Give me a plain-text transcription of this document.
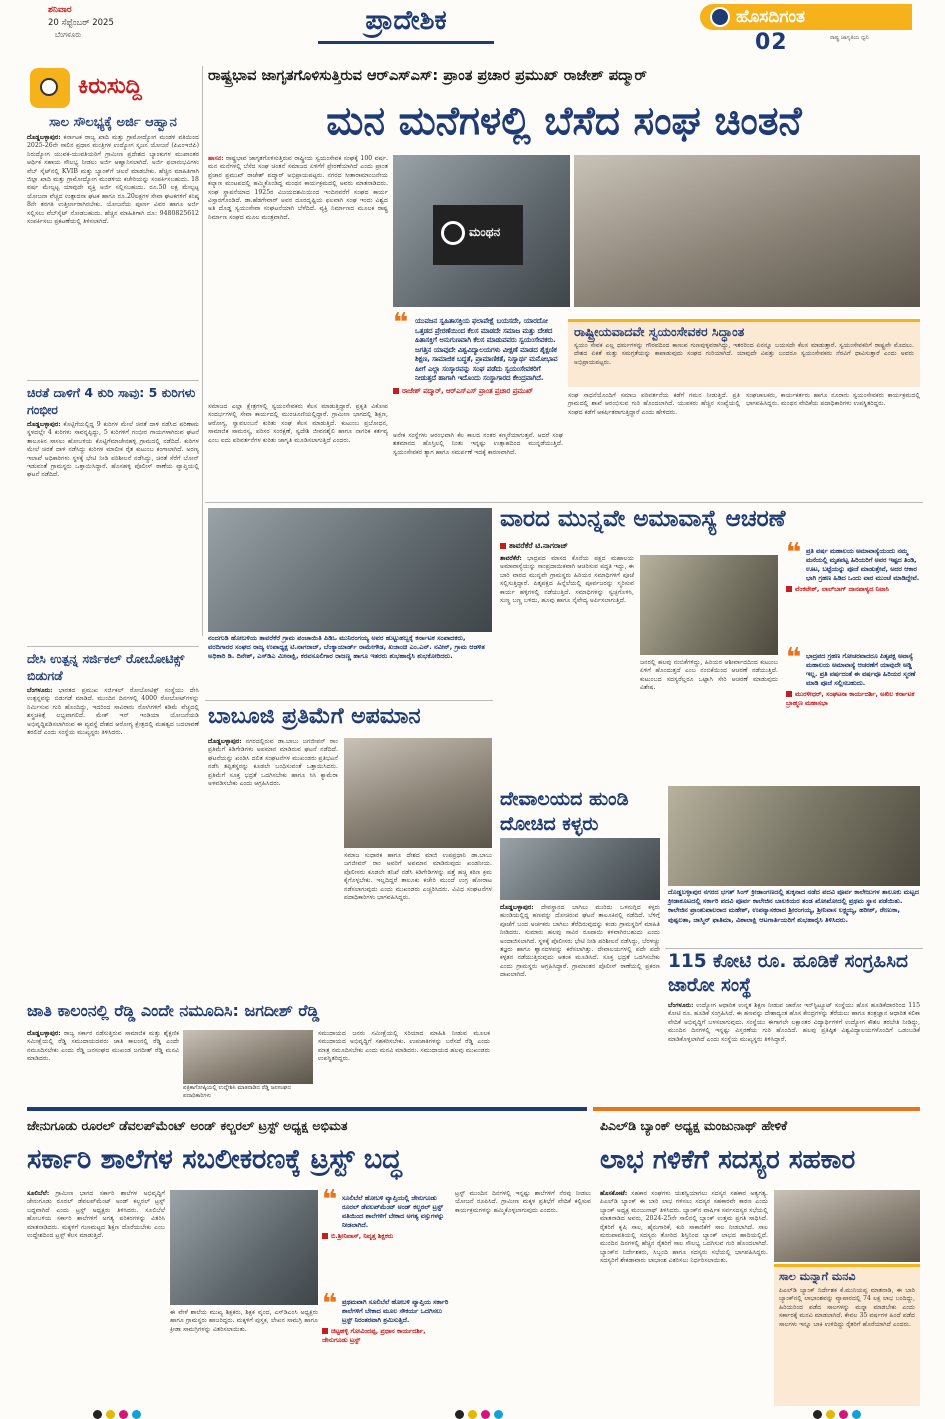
ಶನಿವಾರ
20 ಸೆಪ್ಟೆಂಬರ್ 2025
ಬೆಂಗಳೂರು	ಪ್ರಾದೇಶಿಕ	ಹೊಸದಿಗಂತ
ರಾಷ್ಟ್ರ ಜಾಗೃತಿಯ ಧ್ವನಿ
02
ಕಿರುಸುದ್ದಿ
ಸಾಲ ಸೌಲಭ್ಯಕ್ಕೆ ಅರ್ಜಿ ಆಹ್ವಾನ
ದೊಡ್ಡಬಳ್ಳಾಪುರ: ಕರ್ನಾಟಕ ರಾಜ್ಯ ಖಾದಿ ಮತ್ತು ಗ್ರಾಮೋದ್ಯೋಗ ಮಂಡಳಿ ವತಿಯಿಂದ 2025-26ನೇ ಸಾಲಿನ ಪ್ರಧಾನ ಮಂತ್ರಿಗಳ ಉದ್ಯೋಗ ಸೃಜನ ಯೋಜನೆ (ಪಿಎಂಇಜಿಪಿ) ನಿರುದ್ಯೋಗ ಯುವಕ-ಯುವತಿಯರಿಗೆ ಗ್ರಾಮೀಣ ಪ್ರದೇಶದ ಬ್ಯಾಂಕುಗಳ ಮುಖಾಂತರ ಆರ್ಥಿಕ ಸಹಾಯ ಸೌಲಭ್ಯ ನೀಡಲು ಅರ್ಜಿ ಆಹ್ವಾನಿಸಲಾಗಿದೆ. ಅರ್ಜಿ ಫಲಾನುಭವಿಗಳು ವೆಬ್ ಸೈಟ್‌ನಲ್ಲಿ KVIB ಮತ್ತು ಬ್ಯಾಂಕ್‌ಗೆ ಚಲನೆ ಮಾಡಬೇಕು. ಹೆಚ್ಚಿನ ಮಾಹಿತಿಗಾಗಿ ಜಿಲ್ಲಾ ಖಾದಿ ಮತ್ತು ಗ್ರಾಮೋದ್ಯೋಗ ಮಂಡಳಿಯ ಕಚೇರಿಯನ್ನು ಸಂಪರ್ಕಿಸಬಹುದು. 18 ವರ್ಷ ಮೇಲ್ಪಟ್ಟ ಯಾವುದೇ ವ್ಯಕ್ತಿ ಅರ್ಜಿ ಸಲ್ಲಿಸಬಹುದು. ರೂ.50 ಲಕ್ಷ ಮೇಲ್ಪಟ್ಟ ಯೋಜನಾ ವೆಚ್ಚದ ಉತ್ಪಾದನಾ ಘಟಕ ಹಾಗೂ ರೂ.20ಲಕ್ಷಗಳ ಸೇವಾ ಘಟಕಗಳಿಗೆ ಕನಿಷ್ಠ 8ನೇ ತರಗತಿ ಉತ್ತೀರ್ಣರಾಗಿರಬೇಕು. ಯೋಜನೆಯ ಪೂರ್ಣ ವಿವರ ಹಾಗೂ ಅರ್ಜಿ ಸಲ್ಲಿಸಲು ವೆಬ್‌ಸೈಟ್ ನೋಡಬಹುದು. ಹೆಚ್ಚಿನ ಮಾಹಿತಿಗಾಗಿ ದೂ: 9480825612 ಸಂಪರ್ಕಿಸಲು ಪ್ರಕಟಣೆಯಲ್ಲಿ ತಿಳಿಸಲಾಗಿದೆ.
ಚಿರತೆ ದಾಳಿಗೆ 4 ಕುರಿ ಸಾವು: 5 ಕುರಿಗಳು ಗಂಭೀರ
ದೊಡ್ಡಬಳ್ಳಾಪುರ: ಕೊಟ್ಟಿಗೆಯಲ್ಲಿದ್ದ 9 ಕುರಿಗಳ ಮೇಲೆ ಚಿರತೆ ದಾಳಿ ನಡೆಸಿದ ಪರಿಣಾಮ ಸ್ಥಳದಲ್ಲೇ 4 ಕುರಿಗಳು ಸಾವನ್ನಪ್ಪಿದ್ದು, 5 ಕುರಿಗಳಿಗೆ ಗಂಭೀರ ಗಾಯಗಳಾಗಿರುವ ಘಟನೆ ತಾಲೂಕಿನ ಸಾಸಲು ಹೋಬಳಿಯ ಕೊಟ್ಟಿಗೆಮಾಚೇನಹಳ್ಳಿ ಗ್ರಾಮದಲ್ಲಿ ನಡೆದಿದೆ. ಕುರಿಗಳ ಮೇಲೆ ಚಿರತೆ ದಾಳಿ ನಡೆಸಿದ್ದು ಕುರಿಗಳ ಮಾಲೀಕ ರೈತ ಕುಟುಂಬ ಕಂಗಾಲಾಗಿದೆ. ಅರಣ್ಯ ಇಲಾಖೆ ಅಧಿಕಾರಿಗಳು ಸ್ಥಳಕ್ಕೆ ಭೇಟಿ ನೀಡಿ ಪರಿಶೀಲನೆ ನಡೆಸಿದ್ದು, ಚಿರತೆ ಸೆರೆಗೆ ಬೋನ್ ಇಡುವಂತೆ ಗ್ರಾಮಸ್ಥರು ಒತ್ತಾಯಿಸಿದ್ದಾರೆ. ಹೊಸಹಳ್ಳಿ ಪೊಲೀಸ್ ಠಾಣೆಯ ವ್ಯಾಪ್ತಿಯಲ್ಲಿ ಘಟನೆ ನಡೆದಿದೆ.
ದೇಸಿ ಉತ್ಪನ್ನ ಸರ್ಜಿಕಲ್ ರೋಬೋಟಿಕ್ಸ್ ಬಿಡುಗಡೆ
ಬೆಂಗಳೂರು: ಭಾರತದ ಪ್ರಮುಖ ಸರ್ಜಿಕಲ್ ರೋಬೋಟಿಕ್ಸ್ ಸಂಸ್ಥೆಯು ದೇಸಿ ಉತ್ಪನ್ನವನ್ನು ಬಿಡುಗಡೆ ಮಾಡಿದೆ. ಮುಂದಿನ ದಿನಗಳಲ್ಲಿ 4000 ರೋಬೋಟ್‌ಗಳನ್ನು ನಿರ್ಮಿಸುವ ಗುರಿ ಹೊಂದಿದ್ದು, ಇದರಿಂದ ಸಾವಿರಾರು ರೋಗಿಗಳಿಗೆ ಕಡಿಮೆ ವೆಚ್ಚದಲ್ಲಿ ಶಸ್ತ್ರಚಿಕಿತ್ಸೆ ಲಭ್ಯವಾಗಲಿದೆ. ಮೇಕ್ ಇನ್ ಇಂಡಿಯಾ ಯೋಜನೆಯಡಿ ಅಭಿವೃದ್ಧಿಪಡಿಸಲಾಗಿರುವ ಈ ವ್ಯವಸ್ಥೆ ದೇಶದ ಆರೋಗ್ಯ ಕ್ಷೇತ್ರದಲ್ಲಿ ಮಹತ್ವದ ಬದಲಾವಣೆ ತರಲಿದೆ ಎಂದು ಸಂಸ್ಥೆಯ ಮುಖ್ಯಸ್ಥರು ತಿಳಿಸಿದರು.
ರಾಷ್ಟ್ರಭಾವ ಜಾಗೃತಗೊಳಿಸುತ್ತಿರುವ ಆರ್‌ಎಸ್‌ಎಸ್: ಪ್ರಾಂತ ಪ್ರಚಾರ ಪ್ರಮುಖ್ ರಾಜೇಶ್ ಪದ್ಮಾರ್
ಮನ ಮನೆಗಳಲ್ಲಿ ಬೆಸೆದ ಸಂಘ ಚಿಂತನೆ
ಹಾಸನ: ರಾಷ್ಟ್ರಭಾವ ಜಾಗೃತಗೊಳಿಸುತ್ತಿರುವ ರಾಷ್ಟ್ರೀಯ ಸ್ವಯಂಸೇವಕ ಸಂಘಕ್ಕೆ 100 ವರ್ಷ. ಮನ ಮನೆಗಳಲ್ಲಿ ಬೆಸೆದ ಸಂಘ ಚಿಂತನೆ ಸಮಾಜದ ಏಳಿಗೆಗೆ ಪ್ರೇರಣೆಯಾಗಿದೆ ಎಂದು ಪ್ರಾಂತ ಪ್ರಚಾರ ಪ್ರಮುಖ್ ರಾಜೇಶ್ ಪದ್ಮಾರ್ ಅಭಿಪ್ರಾಯಪಟ್ಟರು. ನಗರದ ಸೀತಾರಾಮಾಂಜನೇಯ ಕಲ್ಯಾಣ ಮಂಟಪದಲ್ಲಿ ಹಮ್ಮಿಕೊಂಡಿದ್ದ ಮಂಥನ ಕಾರ್ಯಕ್ರಮದಲ್ಲಿ ಅವರು ಮಾತನಾಡಿದರು. ಸಂಘ ಸ್ಥಾಪನೆಯಾದ 1925ರ ವಿಜಯದಶಮಿಯಿಂದ ಇಂದಿನವರೆಗೆ ಸಂಘದ ಕಾರ್ಯ ವಿಸ್ತಾರಗೊಂಡಿದೆ. ಡಾ.ಹೆಡಗೇವಾರ್ ಅವರ ದೂರದೃಷ್ಟಿಯ ಫಲವಾಗಿ ಸಂಘ ಇಂದು ವಿಶ್ವದ ಅತಿ ದೊಡ್ಡ ಸ್ವಯಂಸೇವಾ ಸಂಘಟನೆಯಾಗಿ ಬೆಳೆದಿದೆ. ವ್ಯಕ್ತಿ ನಿರ್ಮಾಣದ ಮೂಲಕ ರಾಷ್ಟ್ರ ನಿರ್ಮಾಣ ಸಂಘದ ಮೂಲ ಮಂತ್ರವಾಗಿದೆ.
ಸಮಾಜದ ಎಲ್ಲಾ ಕ್ಷೇತ್ರಗಳಲ್ಲಿ ಸ್ವಯಂಸೇವಕರು ಕೆಲಸ ಮಾಡುತ್ತಿದ್ದಾರೆ. ಪ್ರಕೃತಿ ವಿಕೋಪ ಸಂದರ್ಭಗಳಲ್ಲಿ ಸೇವಾ ಕಾರ್ಯದಲ್ಲಿ ಮುಂಚೂಣಿಯಲ್ಲಿದ್ದಾರೆ. ಗ್ರಾಮೀಣ ಭಾಗದಲ್ಲಿ ಶಿಕ್ಷಣ, ಆರೋಗ್ಯ, ಸ್ವಾವಲಂಬನೆ ಕುರಿತು ಸಂಘ ಕೆಲಸ ಮಾಡುತ್ತಿದೆ. ಕುಟುಂಬ ಪ್ರಬೋಧನ, ಸಾಮಾಜಿಕ ಸಾಮರಸ್ಯ, ಪರಿಸರ ಸಂರಕ್ಷಣೆ, ಸ್ವದೇಶಿ ಜೀವನಶೈಲಿ ಹಾಗೂ ನಾಗರಿಕ ಕರ್ತವ್ಯ ಎಂಬ ಐದು ಪರಿವರ್ತನೆಗಳ ಕುರಿತು ಜಾಗೃತಿ ಮೂಡಿಸಲಾಗುತ್ತಿದೆ ಎಂದರು.
ಮಂಥನ
❝ ಯುವಜನ ಸ್ವಹಿತಾಸಕ್ತಿಯ ಫಲಾಪೇಕ್ಷೆ ಬಯಸದೇ, ಯಾರದೋ ಒತ್ತಡದ ಪ್ರೇರಣೆಯಿಂದ ಕೆಲಸ ಮಾಡದೇ ಸಮಾಜ ಮತ್ತು ದೇಶದ ಹಿತಾಸಕ್ತಿಗೆ ಅನುಗುಣವಾಗಿ ಕೆಲಸ ಮಾಡುವವರು ಸ್ವಯಂಸೇವಕರು. ಜಗತ್ತಿನ ಯಾವುದೇ ವಿಶ್ವವಿದ್ಯಾಲಯಗಳು ವೀಕ್ಷಣೆ ಮಾಡದ ಶೈಕ್ಷಣಿಕ ಶಿಕ್ಷಣ, ಸಾಮಾಜಿಕ ಬದ್ಧತೆ, ಪ್ರಾಮಾಣಿಕತೆ, ನಿಸ್ವಾರ್ಥ ಮನೋಭಾವ ಹೀಗೆ ಎಲ್ಲಾ ಸಂಸ್ಕಾರವನ್ನು ಸಂಘ ಪಡೆದು ಸ್ವಯಂಸೇವಕರಿಗೆ ನೀಡುತ್ತದೆ ಹಾಗಾಗಿ ಇದೊಂದು ಸಂಸ್ಥಾಗಾರದ ಕೇಂದ್ರವಾಗಿದೆ.
ರಾಜೇಶ್ ಪದ್ಮಾರ್, ಆರ್‌ಎಸ್‌ಎಸ್ ಪ್ರಾಂತ ಪ್ರಚಾರ ಪ್ರಮುಖ್
ಅನೇಕ ಸಂಸ್ಥೆಗಳು ಆರಂಭವಾಗಿ ಕೆಲ ಕಾಲದ ನಂತರ ಕಣ್ಮರೆಯಾಗುತ್ತವೆ. ಆದರೆ ಸಂಘ ಶತಮಾನದ ಹೊಸ್ತಿಲಲ್ಲಿ ನಿಂತು ಇನ್ನಷ್ಟು ಉತ್ಸಾಹದಿಂದ ಮುನ್ನಡೆಯುತ್ತಿದೆ. ಸ್ವಯಂಸೇವಕರ ತ್ಯಾಗ ಹಾಗೂ ಸಮರ್ಪಣೆ ಇದಕ್ಕೆ ಕಾರಣವಾಗಿದೆ.
ರಾಷ್ಟ್ರೀಯವಾದವೇ ಸ್ವಯಂಸೇವಕರ ಸಿದ್ಧಾಂತ
ಸ್ವಯಂ ಸೇವಕ ಎಲ್ಲ ಧರ್ಮಗಳನ್ನು ಗೌರವದಿಂದ ಕಾಣುವ ಗುಣವುಳ್ಳವರಾಗಿದ್ದು, ಇತರರಿಂದ ಏನನ್ನೂ ಬಯಸದೇ ಕೆಲಸ ಮಾಡುತ್ತಾರೆ. ಸ್ವಯಂಸೇವಕರಿಗೆ ರಾಷ್ಟ್ರವೇ ಮೊದಲು. ದೇಶದ ಏಕತೆ ಮತ್ತು ಸಮಗ್ರತೆಯನ್ನು ಕಾಪಾಡುವುದು ಸಂಘದ ಗುರಿಯಾಗಿದೆ. ಯಾವುದೇ ವಿಪತ್ತು ಬಂದರೂ ಸ್ವಯಂಸೇವಕರು ನೆರವಿಗೆ ಧಾವಿಸುತ್ತಾರೆ ಎಂದು ಅವರು ಅಭಿಪ್ರಾಯಪಟ್ಟರು.
ಸಂಘ ಸಾಧನೆಯೊಂದಿಗೆ ಸಮಾಜ ಪರಿವರ್ತನೆಯ ಕಡೆಗೆ ಗಮನ ನೀಡುತ್ತಿದೆ. ಪ್ರತಿ ಗ್ರಾಮದಲ್ಲಿ ಶಾಖೆ ಆರಂಭಿಸುವ ಗುರಿ ಹೊಂದಲಾಗಿದೆ. ಯುವಕರು ಹೆಚ್ಚಿನ ಸಂಖ್ಯೆಯಲ್ಲಿ ಸಂಘದ ಕಡೆಗೆ ಆಕರ್ಷಿತರಾಗುತ್ತಿದ್ದಾರೆ ಎಂದು ಹೇಳಿದರು.
ಸಂಘಚಾಲಕರು, ಕಾರ್ಯಕರ್ತರು ಹಾಗೂ ನೂರಾರು ಸ್ವಯಂಸೇವಕರು ಕಾರ್ಯಕ್ರಮದಲ್ಲಿ ಭಾಗವಹಿಸಿದ್ದರು. ಮಂಥನ ವೇದಿಕೆಯ ಪದಾಧಿಕಾರಿಗಳು ಉಪಸ್ಥಿತರಿದ್ದರು.
ನಂದಗುಡಿ ಹೋಬಳಿಯ ತಾವರೆಕೆರೆ ಗ್ರಾಮ ಪಂಚಾಯಿತಿ ಪಿಡಿಒ ಮುನಿರಂಗಯ್ಯ ಅವರ ಹುಟ್ಟುಹಬ್ಬಕ್ಕೆ ಕರ್ನಾಟಕ ಸಂಪಾದಕರು, ವರದಿಗಾರರ ಸಂಘದ ರಾಜ್ಯ ಉಪಾಧ್ಯಕ್ಷ ಟಿ.ನಾಗರಾಜ್, ಬೆಂಕ್ಯಾಯಾರ್ಡ್ ರಾಮೇಗೌಡ, ಖಜಾಂಚಿ ಎಂ.ಎನ್. ನವೀನ್, ಗ್ರಾಮ ಆಡಳಿತ ಅಧಿಕಾರಿ ಡಿ. ದಿನೇಶ್, ಎಸ್‌ಡಿಎ ಮೀನಾಕ್ಷಿ, ಕರವಸೂಲಿಗಾರ ರಾಜಣ್ಣ ಹಾಗೂ ಇತರರು ಶುಭಹಾರೈಸಿ ಶುಭಕೋರಿದರು.
ವಾರದ ಮುನ್ನವೇ ಅಮಾವಾಸ್ಯೆ ಆಚರಣೆ
ತಾವರೆಕೆರೆ ಟಿ.ನಾಗರಾಜ್
ತಾವರೆಕೆರೆ: ಭಾದ್ರಪದ ಮಾಸದ ಕೊನೆಯ ಪಕ್ಷದ ಮಹಾಲಯ ಅಮಾವಾಸ್ಯೆಯನ್ನು ಸಾಂಪ್ರದಾಯಿಕವಾಗಿ ಆಚರಿಸುವ ಪದ್ಧತಿ ಇದ್ದು, ಈ ಬಾರಿ ವಾರದ ಮುನ್ನವೇ ಗ್ರಾಮಸ್ಥರು ಹಿರಿಯರ ಸಮಾಧಿಗಳಿಗೆ ಪೂಜೆ ಸಲ್ಲಿಸುತ್ತಿದ್ದಾರೆ. ಪಿತೃಪಕ್ಷದ ಹಿನ್ನೆಲೆಯಲ್ಲಿ ಪೂರ್ವಜರನ್ನು ಸ್ಮರಿಸುವ ಕಾರ್ಯ ಹಳ್ಳಿಗಳಲ್ಲಿ ನಡೆಯುತ್ತಿದೆ. ಸಮಾಧಿಗಳನ್ನು ಸ್ವಚ್ಛಗೊಳಿಸಿ, ಸುಣ್ಣ ಬಣ್ಣ ಬಳಿದು, ಹೂವು ಹಾಗೂ ನೈವೇದ್ಯ ಅರ್ಪಿಸಲಾಗುತ್ತಿದೆ.
ಜನರಲ್ಲಿ ಹಲವು ನಂಬಿಕೆಗಳಿದ್ದು, ಹಿರಿಯರ ಆಶೀರ್ವಾದದಿಂದ ಕುಟುಂಬ ಏಳಿಗೆ ಹೊಂದುತ್ತದೆ ಎಂಬ ನಂಬಿಕೆಯಿಂದ ಆಚರಣೆ ನಡೆಯುತ್ತಿದೆ. ಕುಟುಂಬದ ಸದಸ್ಯರೆಲ್ಲರೂ ಒಟ್ಟಾಗಿ ಸೇರಿ ಆಚರಣೆ ಮಾಡುವುದು ವಿಶೇಷ.
❝ ಪ್ರತಿ ವರ್ಷ ಮಹಾಲಯ ಅಮಾವಾಸ್ಯೆಯಂದು ನಮ್ಮ ಮನೆಯಲ್ಲಿ ಮೃತಪಟ್ಟ ಹಿರಿಯರಿಗೆ ಅವರ ಇಷ್ಟದ ತಿಂಡಿ, ಊಟ, ಬಟ್ಟೆಯನ್ನು ಪೂಜೆ ಮಾಡುತ್ತೇವೆ, ಅದರ ಆಕಾರ ಭಾಗಿ ಗ್ರಹಣ ಹಿಡಿದ ಒಂದು ವಾರ ಮುಂಚೆ ಮಾಡಿದ್ದೇವೆ.
ವೆಂಕಟೇಶ್, ಲಾಲ್‌ಬಾಗ್ ದಾನಪಾಳ್ಯದ ನಿವಾಸಿ
❝ ಭಾದ್ರಪದ ಗ್ರಹಣ ಗೋಚರವಾದರೂ ಪಿತೃಪಕ್ಷ ಅವಾಸ್ಯೆ ಮಹಾಲಯ ಅಮಾವಾಸ್ಯೆ ಆಚರಣೆಗೆ ಯಾವುದೇ ಅಡ್ಡಿ ಇಲ್ಲ. ಪ್ರತಿ ವರ್ಷದಂತೆ ಈ ವರ್ಷವೂ ಹಿರಿಯರ ಸ್ಮರಣೆ ಮಾಡಿ ಪೂಜೆ ಸಲ್ಲಿಸಬಹುದು.
ಮುರಳೀಧರ್, ಸಂಘಟನಾ ಕಾರ್ಯದರ್ಶಿ, ಅಖಿಲ ಕರ್ನಾಟಕ ಬ್ರಾಹ್ಮಣ ಮಹಾಸಭಾ
ಬಾಬೂಜಿ ಪ್ರತಿಮೆಗೆ ಅಪಮಾನ
ದೊಡ್ಡಬಳ್ಳಾಪುರ: ನಗರದಲ್ಲಿರುವ ಡಾ.ಬಾಬು ಜಗಜೀವನ್ ರಾಂ ಪ್ರತಿಮೆಗೆ ಕಿಡಿಗೇಡಿಗಳು ಅಪಮಾನ ಮಾಡಿರುವ ಘಟನೆ ನಡೆದಿದೆ. ಘಟನೆಯನ್ನು ಖಂಡಿಸಿ ದಲಿತ ಸಂಘಟನೆಗಳ ಮುಖಂಡರು ಪ್ರತಿಭಟನೆ ನಡೆಸಿ ತಪ್ಪಿತಸ್ಥರನ್ನು ಕೂಡಲೇ ಬಂಧಿಸುವಂತೆ ಒತ್ತಾಯಿಸಿದರು. ಪ್ರತಿಮೆಗೆ ಸೂಕ್ತ ಭದ್ರತೆ ಒದಗಿಸಬೇಕು ಹಾಗೂ ಸಿಸಿ ಕ್ಯಾಮೆರಾ ಅಳವಡಿಸಬೇಕು ಎಂದು ಆಗ್ರಹಿಸಿದರು.
ಸಮಾಜ ಸುಧಾರಕ ಹಾಗೂ ದೇಶದ ಮಾಜಿ ಉಪಪ್ರಧಾನಿ ಡಾ.ಬಾಬು ಜಗಜೀವನ್ ರಾಂ ಅವರಿಗೆ ಅಪಮಾನ ಮಾಡಿರುವುದು ಖಂಡನೀಯ. ಪೊಲೀಸರು ಕೂಡಲೇ ತನಿಖೆ ನಡೆಸಿ ಕಿಡಿಗೇಡಿಗಳನ್ನು ಪತ್ತೆ ಹಚ್ಚಿ ಕಠಿಣ ಕ್ರಮ ಕೈಗೊಳ್ಳಬೇಕು. ಇಲ್ಲದಿದ್ದರೆ ತಾಲೂಕು ಕಚೇರಿ ಮುಂದೆ ಉಗ್ರ ಹೋರಾಟ ನಡೆಸಲಾಗುವುದು ಎಂದು ಮುಖಂಡರು ಎಚ್ಚರಿಸಿದರು. ವಿವಿಧ ಸಂಘಟನೆಗಳ ಪದಾಧಿಕಾರಿಗಳು ಭಾಗವಹಿಸಿದ್ದರು.
ದೇವಾಲಯದ ಹುಂಡಿ ದೋಚಿದ ಕಳ್ಳರು
ದೊಡ್ಡಬಳ್ಳಾಪುರ: ದೇವಸ್ಥಾನದ ಬಾಗಿಲು ಮುರಿದು ಒಳನುಗ್ಗಿದ ಕಳ್ಳರು ಹುಂಡಿಯಲ್ಲಿದ್ದ ಹಣವನ್ನು ದೋಚಿರುವ ಘಟನೆ ತಾಲೂಕಿನಲ್ಲಿ ನಡೆದಿದೆ. ಬೆಳಿಗ್ಗೆ ಪೂಜೆಗೆ ಬಂದ ಅರ್ಚಕರು ಬಾಗಿಲು ತೆರೆದಿರುವುದನ್ನು ಕಂಡು ಗ್ರಾಮಸ್ಥರಿಗೆ ಮಾಹಿತಿ ನೀಡಿದರು. ಸುಮಾರು ಹಲವು ಸಾವಿರ ರೂಪಾಯಿ ಕಳವಾಗಿರಬಹುದು ಎಂದು ಅಂದಾಜಿಸಲಾಗಿದೆ. ಸ್ಥಳಕ್ಕೆ ಪೊಲೀಸರು ಭೇಟಿ ನೀಡಿ ಪರಿಶೀಲನೆ ನಡೆಸಿದ್ದು, ಬೆರಳಚ್ಚು ತಜ್ಞರು ಹಾಗೂ ಶ್ವಾನದಳವನ್ನು ಕರೆಸಲಾಗಿತ್ತು. ದೇವಾಲಯಗಳಲ್ಲಿ ಪದೇ ಪದೇ ಕಳ್ಳತನ ನಡೆಯುತ್ತಿರುವುದು ಆತಂಕ ಮೂಡಿಸಿದೆ. ಸೂಕ್ತ ಭದ್ರತೆ ಒದಗಿಸಬೇಕು ಎಂದು ಗ್ರಾಮಸ್ಥರು ಆಗ್ರಹಿಸಿದ್ದಾರೆ. ಗ್ರಾಮಾಂತರ ಪೊಲೀಸ್ ಠಾಣೆಯಲ್ಲಿ ಪ್ರಕರಣ ದಾಖಲಾಗಿದೆ.
ದೊಡ್ಡಬಳ್ಳಾಪುರ ನಗರದ ಭಗತ್ ಸಿಂಗ್ ಕ್ರೀಡಾಂಗಣದಲ್ಲಿ ತುಕ್ಕನಾದ ನಡೆದ ಪದವಿ ಪೂರ್ವ ಕಾಲೇಜುಗಳ ತಾಲೂಕು ಮಟ್ಟದ ಕ್ರೀಡಾಕೂಟದಲ್ಲಿ ಸರ್ಕಾರಿ ಪದವಿ ಪೂರ್ವ ಕಾಲೇಜಿನ ಬಾಲಕಿಯರ ತಂಡ ಖೋಖೋದಲ್ಲಿ ಪ್ರಥಮ ಸ್ಥಾನ ಪಡೆಯಿತು. ಕಾಲೇಜಿನ ಪ್ರಾಂಶುಪಾಲರಾದ ಮಹೇಶ್, ಉಪನ್ಯಾಸಕರಾದ ಶ್ರೀರಂಗಯ್ಯ, ಶ್ರೀನಿವಾಸ ಲಕ್ಷ್ಮಯ್ಯ, ಹರೀಶ್, ರೇಣುಕಾ, ಪುಷ್ಪಲತಾ, ಜಾಸ್ಮಿನ್ ಫಾತಿಮಾ, ವಿಶಾಲಾಕ್ಷಿ ಆಟಗಾರ್ತಿಯರಿಗೆ ಶುಭಹಾರೈಸಿ ತಿಳಿಸಿದರು.
115 ಕೋಟಿ ರೂ. ಹೂಡಿಕೆ ಸಂಗ್ರಹಿಸಿದ ಜಾರೋ ಸಂಸ್ಥೆ
ಬೆಂಗಳೂರು: ಉದ್ಯೋಗ ಆಧಾರಿತ ಉನ್ನತ ಶಿಕ್ಷಣ ನೀಡುವ ಜಾರೋ ಇನ್‌ಸ್ಟಿಟ್ಯೂಟ್ ಸಂಸ್ಥೆಯು ಹೊಸ ಹೂಡಿಕೆದಾರರಿಂದ 115 ಕೋಟಿ ರೂ. ಹೂಡಿಕೆ ಸಂಗ್ರಹಿಸಿದೆ. ಈ ಹಣವನ್ನು ದೇಶಾದ್ಯಂತ ಹೊಸ ಕೇಂದ್ರಗಳನ್ನು ತೆರೆಯಲು ಹಾಗೂ ತಂತ್ರಜ್ಞಾನ ಆಧಾರಿತ ಕಲಿಕಾ ವೇದಿಕೆ ಅಭಿವೃದ್ಧಿಗೆ ಬಳಸಲಾಗುವುದು. ಸಂಸ್ಥೆಯು ಈಗಾಗಲೇ ಲಕ್ಷಾಂತರ ವಿದ್ಯಾರ್ಥಿಗಳಿಗೆ ಉದ್ಯೋಗ ಕೌಶಲ ತರಬೇತಿ ನೀಡಿದ್ದು, ಮುಂದಿನ ದಿನಗಳಲ್ಲಿ ಇನ್ನಷ್ಟು ವಿಸ್ತರಣೆಯ ಗುರಿ ಹೊಂದಿದೆ. ಹಲವು ಪ್ರತಿಷ್ಠಿತ ವಿಶ್ವವಿದ್ಯಾಲಯಗಳೊಂದಿಗೆ ಒಡಂಬಡಿಕೆ ಮಾಡಿಕೊಳ್ಳಲಾಗಿದೆ ಎಂದು ಸಂಸ್ಥೆಯ ಮುಖ್ಯಸ್ಥರು ತಿಳಿಸಿದ್ದಾರೆ.
ಜಾತಿ ಕಾಲಂನಲ್ಲಿ ರೆಡ್ಡಿ ಎಂದೇ ನಮೂದಿಸಿ: ಜಗದೀಶ್ ರೆಡ್ಡಿ
ದೊಡ್ಡಬಳ್ಳಾಪುರ: ರಾಜ್ಯ ಸರ್ಕಾರ ನಡೆಸುತ್ತಿರುವ ಸಾಮಾಜಿಕ ಮತ್ತು ಶೈಕ್ಷಣಿಕ ಸಮೀಕ್ಷೆಯಲ್ಲಿ ರೆಡ್ಡಿ ಸಮುದಾಯದವರು ಜಾತಿ ಕಾಲಂನಲ್ಲಿ ರೆಡ್ಡಿ ಎಂದೇ ನಮೂದಿಸಬೇಕು ಎಂದು ರೆಡ್ಡಿ ಜನಸಂಘದ ಮುಖಂಡ ಜಗದೀಶ್ ರೆಡ್ಡಿ ಮನವಿ ಮಾಡಿದರು.
ಪತ್ರಿಕಾಗೋಷ್ಠಿಯಲ್ಲಿ ಉದ್ದೇಶಿಸಿ ಮಾತನಾಡಿದ ರೆಡ್ಡಿ ಜನಸಂಘದ ಪದಾಧಿಕಾರಿಗಳು
ಸಮುದಾಯದ ಜನರು ಸಮೀಕ್ಷೆಯಲ್ಲಿ ಸರಿಯಾದ ಮಾಹಿತಿ ನೀಡುವ ಮೂಲಕ ಸಮುದಾಯದ ಅಭಿವೃದ್ಧಿಗೆ ಸಹಕರಿಸಬೇಕು. ಉಪಜಾತಿಗಳನ್ನು ಬರೆಸದೆ ರೆಡ್ಡಿ ಎಂದು ಮಾತ್ರ ನಮೂದಿಸಬೇಕು ಎಂದು ಮನವಿ ಮಾಡಿದರು. ಸಮುದಾಯದ ಹಲವು ಮುಖಂಡರು ಉಪಸ್ಥಿತರಿದ್ದರು.
ಜೇನುಗೂಡು ರೂರಲ್ ಡೆವಲಪ್‌ಮೆಂಟ್ ಅಂಡ್ ಕಲ್ಚರಲ್ ಟ್ರಸ್ಟ್ ಅಧ್ಯಕ್ಷ ಅಭಿಮತ
ಸರ್ಕಾರಿ ಶಾಲೆಗಳ ಸಬಲೀಕರಣಕ್ಕೆ ಟ್ರಸ್ಟ್ ಬದ್ಧ
ಸೂಲಿಬೆಲೆ: ಗ್ರಾಮೀಣ ಭಾಗದ ಸರ್ಕಾರಿ ಶಾಲೆಗಳ ಅಭಿವೃದ್ಧಿಗೆ ಜೇನುಗೂಡು ರೂರಲ್ ಡೆವಲಪ್‌ಮೆಂಟ್ ಅಂಡ್ ಕಲ್ಚರಲ್ ಟ್ರಸ್ಟ್ ಬದ್ಧವಾಗಿದೆ ಎಂದು ಟ್ರಸ್ಟ್ ಅಧ್ಯಕ್ಷರು ತಿಳಿಸಿದರು. ಸೂಲಿಬೆಲೆ ಹೋಬಳಿಯ ಸರ್ಕಾರಿ ಶಾಲೆಗಳಿಗೆ ಅಗತ್ಯ ಪರಿಕರಗಳನ್ನು ವಿತರಿಸಿ ಮಾತನಾಡಿದರು. ಮಕ್ಕಳಿಗೆ ಗುಣಮಟ್ಟದ ಶಿಕ್ಷಣ ದೊರೆಯಬೇಕು ಎಂಬ ಉದ್ದೇಶದಿಂದ ಟ್ರಸ್ಟ್ ಕೆಲಸ ಮಾಡುತ್ತಿದೆ.
ಈ ವೇಳೆ ಶಾಲೆಯ ಮುಖ್ಯ ಶಿಕ್ಷಕರು, ಶಿಕ್ಷಕ ವೃಂದ, ಎಸ್‌ಡಿಎಂಸಿ ಅಧ್ಯಕ್ಷರು ಹಾಗೂ ಗ್ರಾಮಸ್ಥರು ಹಾಜರಿದ್ದರು. ಮಕ್ಕಳಿಗೆ ಪುಸ್ತಕ, ಲೇಖನ ಸಾಮಗ್ರಿ ಹಾಗೂ ಕ್ರೀಡಾ ಸಾಮಗ್ರಿಗಳನ್ನು ವಿತರಿಸಲಾಯಿತು.
❝ ಸೂಲಿಬೆಲೆ ಹೋಬಳಿ ವ್ಯಾಪ್ತಿಯಲ್ಲಿ ಜೇನುಗೂಡು ರೂರಲ್ ಡೆವಲಪ್‌ಮೆಂಟ್ ಅಂಡ್ ಕಲ್ಚರಲ್ ಟ್ರಸ್ಟ್ ವತಿಯಿಂದ ಶಾಲೆಗಳಿಗೆ ಬೇಕಾದ ಅಗತ್ಯ ವಸ್ತುಗಳನ್ನು ನೀಡಲಾಗಿದೆ.
ಬಿ.ಶ್ರೀನಿವಾಸ್, ನಿವೃತ್ತ ಶಿಕ್ಷಕರು
❝ ಪ್ರಥಮವಾಗಿ ಸೂಲಿಬೆಲೆ ಹೋಬಳಿ ವ್ಯಾಪ್ತಿಯ ಸರ್ಕಾರಿ ಶಾಲೆಗಳಿಗೆ ಬೇಕಾದ ಮೂಲ ಸೌಕರ್ಯ ಒದಗಿಸಲು ಟ್ರಸ್ಟ್ ನಿರಂತರವಾಗಿ ಶ್ರಮಿಸುತ್ತಿದೆ.
ಚಿಟ್ಟಹಳ್ಳಿ ಗೋವಿಂದಪ್ಪ, ಪ್ರಧಾನ ಕಾರ್ಯದರ್ಶಿ, ಜೇನುಗೂಡು ಟ್ರಸ್ಟ್
ಟ್ರಸ್ಟ್ ಮುಂದಿನ ದಿನಗಳಲ್ಲಿ ಇನ್ನಷ್ಟು ಶಾಲೆಗಳಿಗೆ ನೆರವು ನೀಡಲು ಯೋಜನೆ ರೂಪಿಸಿದೆ. ಗ್ರಾಮೀಣ ಮಕ್ಕಳ ಪ್ರತಿಭೆಗೆ ವೇದಿಕೆ ಕಲ್ಪಿಸುವ ಕಾರ್ಯಕ್ರಮಗಳನ್ನು ಹಮ್ಮಿಕೊಳ್ಳಲಾಗುವುದು ಎಂದರು.
ಪಿಎಲ್‌ಡಿ ಬ್ಯಾಂಕ್ ಅಧ್ಯಕ್ಷ ಮಂಜುನಾಥ್ ಹೇಳಿಕೆ
ಲಾಭ ಗಳಿಕೆಗೆ ಸದಸ್ಯರ ಸಹಕಾರ
ಹೊಸಕೋಟೆ: ಸಹಕಾರ ಸಂಘಗಳು ಯಶಸ್ವಿಯಾಗಲು ಸದಸ್ಯರ ಸಹಕಾರ ಅತ್ಯಗತ್ಯ. ಪಿಎಲ್‌ಡಿ ಬ್ಯಾಂಕ್ ಈ ಬಾರಿ ಲಾಭ ಗಳಿಸಲು ಸದಸ್ಯರ ಸಹಕಾರವೇ ಕಾರಣ ಎಂದು ಬ್ಯಾಂಕ್ ಅಧ್ಯಕ್ಷ ಮಂಜುನಾಥ್ ತಿಳಿಸಿದರು. ಬ್ಯಾಂಕ್‌ನ ವಾರ್ಷಿಕ ಸರ್ವಸದಸ್ಯರ ಸಭೆಯಲ್ಲಿ ಮಾತನಾಡಿದ ಅವರು, 2024-25ನೇ ಸಾಲಿನಲ್ಲಿ ಬ್ಯಾಂಕ್ ಉತ್ತಮ ಪ್ರಗತಿ ಸಾಧಿಸಿದೆ. ರೈತರಿಗೆ ಕೃಷಿ ಸಾಲ, ಹೈನುಗಾರಿಕೆ, ಕುರಿ ಸಾಕಾಣಿಕೆಗೆ ಸಾಲ ನೀಡಲಾಗಿದೆ. ಸಾಲ ಮರುಪಾವತಿಯಲ್ಲಿ ಸದಸ್ಯರು ತೋರಿದ ಶಿಸ್ತಿನಿಂದ ಬ್ಯಾಂಕ್ ಲಾಭದ ಹಾದಿಯಲ್ಲಿದೆ. ಮುಂದಿನ ದಿನಗಳಲ್ಲಿ ಹೆಚ್ಚಿನ ರೈತರಿಗೆ ಸಾಲ ಸೌಲಭ್ಯ ಒದಗಿಸುವ ಗುರಿ ಹೊಂದಲಾಗಿದೆ. ಬ್ಯಾಂಕ್‌ನ ನಿರ್ದೇಶಕರು, ಸಿಬ್ಬಂದಿ ಹಾಗೂ ಸದಸ್ಯರು ಸಭೆಯಲ್ಲಿ ಭಾಗವಹಿಸಿದ್ದರು. ಸದಸ್ಯರಿಗೆ ಶೇಕಡಾವಾರು ಲಾಭಾಂಶ ವಿತರಿಸಲು ನಿರ್ಧರಿಸಲಾಯಿತು.
ಸಾಲ ಮನ್ನಾಗೆ ಮನವಿ
ಪಿಎಲ್‌ಡಿ ಬ್ಯಾಂಕ್ ನಿರ್ದೇಶಕ ಕೆ.ಮುನಿಯಪ್ಪ ಮಾತನಾಡಿ, ಈ ಬಾರಿ ಬ್ಯಾಂಕ್‌ನಲ್ಲಿ ಲಾಭಾಂಶವನ್ನು ವ್ಯಾಪಾರದಲ್ಲಿ 74 ಲಕ್ಷ ಲಾಭ ಬಂದಿದ್ದು, ಹಿರಿಯರಿಂದ ಪಡೆದ ಸಾಲಗಳನ್ನು ಮನ್ನಾ ಮಾಡಬೇಕು ಎಂದು ಸರ್ಕಾರಕ್ಕೆ ಮನವಿ ಮಾಡಲಾಗಿದೆ. ಕೇವಲ 35 ವರ್ಷಗಳ ಹಿಂದೆ ಪಡೆದ ಸಾಲಗಳು ಇನ್ನೂ ಬಾಕಿ ಉಳಿದಿದ್ದು ರೈತರಿಗೆ ಹೊರೆಯಾಗಿದೆ ಎಂದರು.
